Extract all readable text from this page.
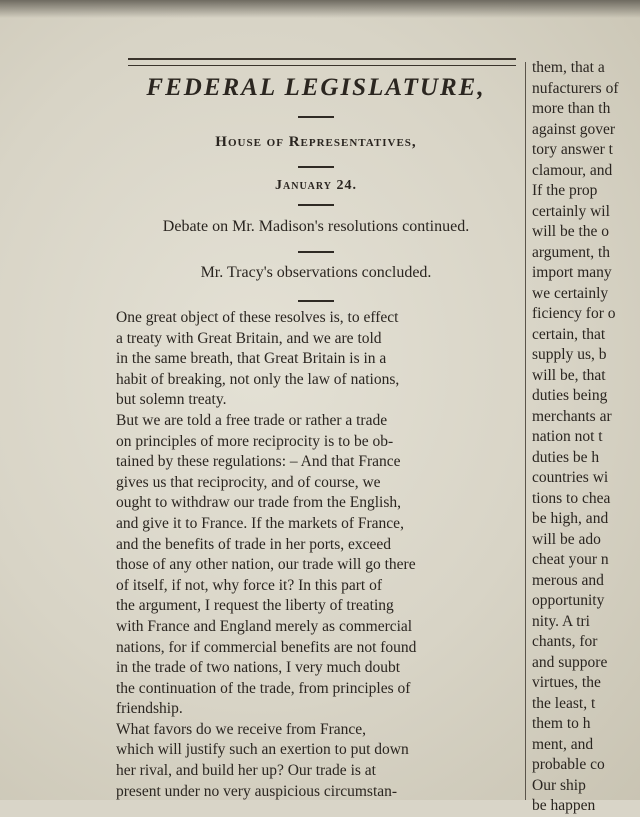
FEDERAL LEGISLATURE,
House of Representatives,
January 24.
Debate on Mr. Madison's resolutions continued.
Mr. Tracy's observations concluded.
One great object of these resolves is, to effect
a treaty with Great Britain, and we are told
in the same breath, that Great Britain is in a
habit of breaking, not only the law of nations,
but solemn treaty.
But we are told a free trade or rather a trade
on principles of more reciprocity is to be ob-
tained by these regulations: – And that France
gives us that reciprocity, and of course, we
ought to withdraw our trade from the English,
and give it to France. If the markets of France,
and the benefits of trade in her ports, exceed
those of any other nation, our trade will go there
of itself, if not, why force it? In this part of
the argument, I request the liberty of treating
with France and England merely as commercial
nations, for if commercial benefits are not found
in the trade of two nations, I very much doubt
the continuation of the trade, from principles of
friendship.
What favors do we receive from France,
which will justify such an exertion to put down
her rival, and build her up? Our trade is at
present under no very auspicious circumstan-
them, that a
nufacturers of
more than th
against gover
tory answer t
clamour, and
If the prop
certainly wil
will be the o
argument, th
import many
we certainly
ficiency for o
certain, that
supply us, b
will be, that
duties being
merchants ar
nation not t
duties be h
countries wi
tions to chea
be high, and
will be ado
cheat your n
merous and
opportunity
nity. A tri
chants, for
and suppore
virtues, the
the least, t
them to h
ment, and
probable co
Our ship
be happen
